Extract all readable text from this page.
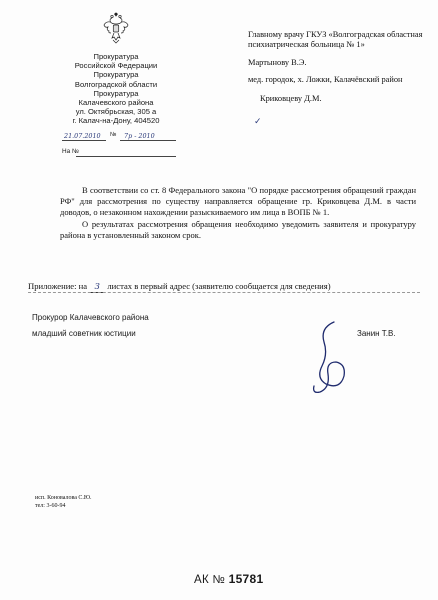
Прокуратура
Российской Федерации
Прокуратура
Волгоградской области
Прокуратура
Калачевского района
ул. Октябрьская, 305 а
г. Калач-на-Дону, 404520
21.07.2010 № 7р - 2010
На №
Главному врачу ГКУЗ «Волгоградская областная психиатрическая больница № 1»
Мартынову В.Э.
мед. городок, х. Ложки, Калачёвский район
Криковцеву Д.М.
✓

В соответствии со ст. 8 Федерального закона "О порядке рассмотрения обращений граждан РФ" для рассмотрения по существу направляется обращение гр. Криковцева Д.М. в части доводов, о незаконном нахождении разыскиваемого им лица в ВОПБ № 1.

О результатах рассмотрения обращения необходимо уведомить заявителя и прокуратуру района в установленный законом срок.

Приложение: на 3 листах в первый адрес (заявителю сообщается для сведения)
Прокурор Калачевского района
младший советник юстиции	Занин Т.В.
исп. Коновалова С.Ю.
тел: 3-60-94
АК № 15781
